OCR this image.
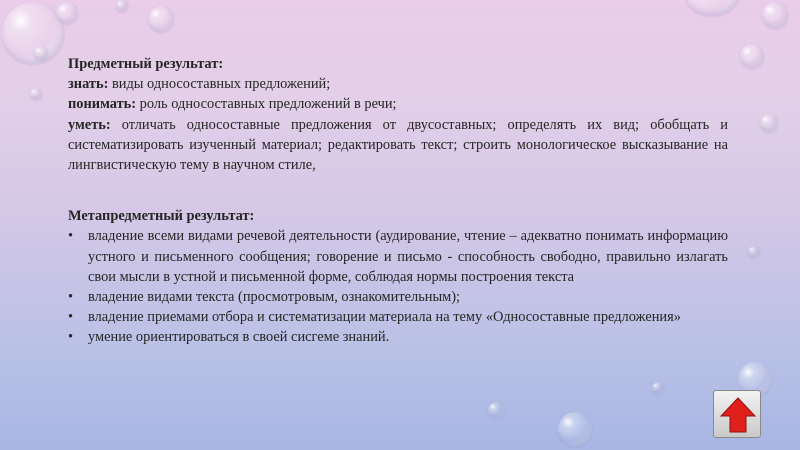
Предметный результат:

знать: виды односоставных предложений;

понимать: роль односоставных предложений в речи;

уметь: отличать односоставные предложения от двусоставных; определять их вид; обобщать и систематизировать изученный материал; редактировать текст; строить монологическое высказывание на лингвистическую тему в научном стиле,

Метапредметный результат:

• владение всеми видами речевой деятельности (аудирование, чтение – адекватно понимать информацию устного и письменного сообщения; говорение и письмо - способность свободно, правильно излагать свои мысли в устной и письменной форме, соблюдая нормы построения текста
• владение видами текста (просмотровым, ознакомительным);
• владение приемами отбора и систематизации материала на тему «Односоставные предложения»
• умение ориентироваться в своей сисгеме знаний.
